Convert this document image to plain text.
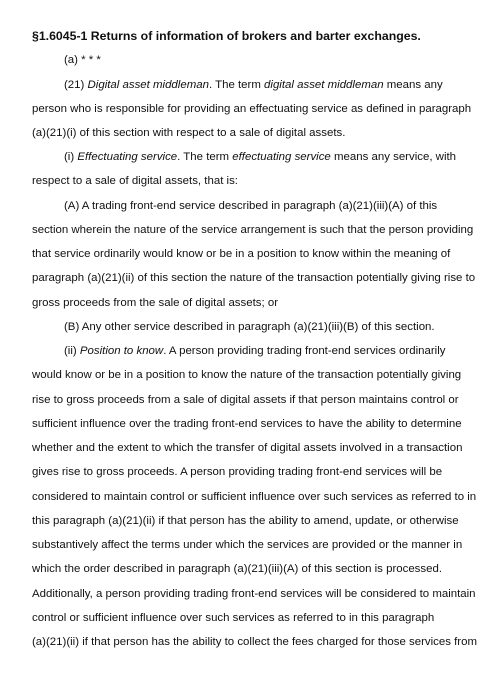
§1.6045-1 Returns of information of brokers and barter exchanges.

(a) * * *

(21) Digital asset middleman. The term digital asset middleman means any

person who is responsible for providing an effectuating service as defined in paragraph

(a)(21)(i) of this section with respect to a sale of digital assets.

(i) Effectuating service. The term effectuating service means any service, with

respect to a sale of digital assets, that is:

(A) A trading front-end service described in paragraph (a)(21)(iii)(A) of this

section wherein the nature of the service arrangement is such that the person providing

that service ordinarily would know or be in a position to know within the meaning of

paragraph (a)(21)(ii) of this section the nature of the transaction potentially giving rise to

gross proceeds from the sale of digital assets; or

(B) Any other service described in paragraph (a)(21)(iii)(B) of this section.

(ii) Position to know. A person providing trading front-end services ordinarily

would know or be in a position to know the nature of the transaction potentially giving

rise to gross proceeds from a sale of digital assets if that person maintains control or

sufficient influence over the trading front-end services to have the ability to determine

whether and the extent to which the transfer of digital assets involved in a transaction

gives rise to gross proceeds. A person providing trading front-end services will be

considered to maintain control or sufficient influence over such services as referred to in

this paragraph (a)(21)(ii) if that person has the ability to amend, update, or otherwise

substantively affect the terms under which the services are provided or the manner in

which the order described in paragraph (a)(21)(iii)(A) of this section is processed.

Additionally, a person providing trading front-end services will be considered to maintain

control or sufficient influence over such services as referred to in this paragraph

(a)(21)(ii) if that person has the ability to collect the fees charged for those services from
